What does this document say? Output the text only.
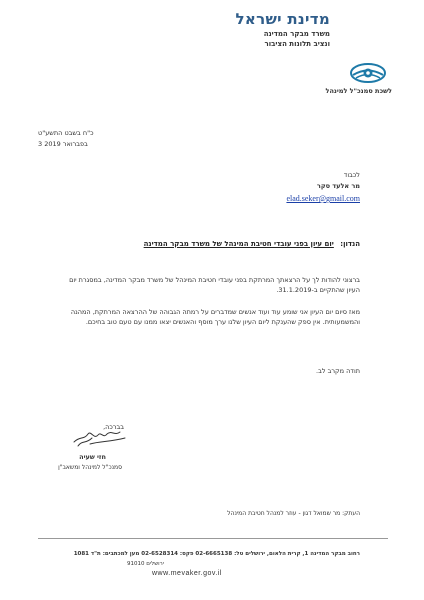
מדינת ישראל
משרד מבקר המדינה
ונציב תלונות הציבור
לשכת סמנכ"ל למינהל
כ"ח בשבט התשע"ט
3 בפברואר 2019
לכבוד
מר אלעד סקר
elad.seker@gmail.com
הנדון: יום עיון בפני עובדי חטיבת המינהל של משרד מבקר המדינה
ברצוני להודות לך על הרצאתך המרתקת בפני עובדי חטיבת המינהל של משרד מבקר המדינה, במסגרת יום העיון שהתקיים ב-31.1.2019.
מאז סיום יום העיון אני שומע עוד ועוד אנשים שמדברים על רמתה הגבוהה של ההרצאה המרתקת, המהנה והמשמעותית. אין ספק שהענקת ליום העיון שלנו ערך מוסף והאנשים יצאו ממנו עם טעם טוב בחיכם.
תודה מקרב לב.
בברכה,
חזי שעיה
סמנכ"ל למינהל ומשאב"ן
העתק: מר שמואל דגון - עוזר למנהל חטיבת המינהל
רחוב מבקר המדינה 1, קרית הלאום, ירושלים טל: 02-6665138 פקס: 02-6528314 מען למכתבים: ת"ד 1081
ירושלים 91010
www.mevaker.gov.il
